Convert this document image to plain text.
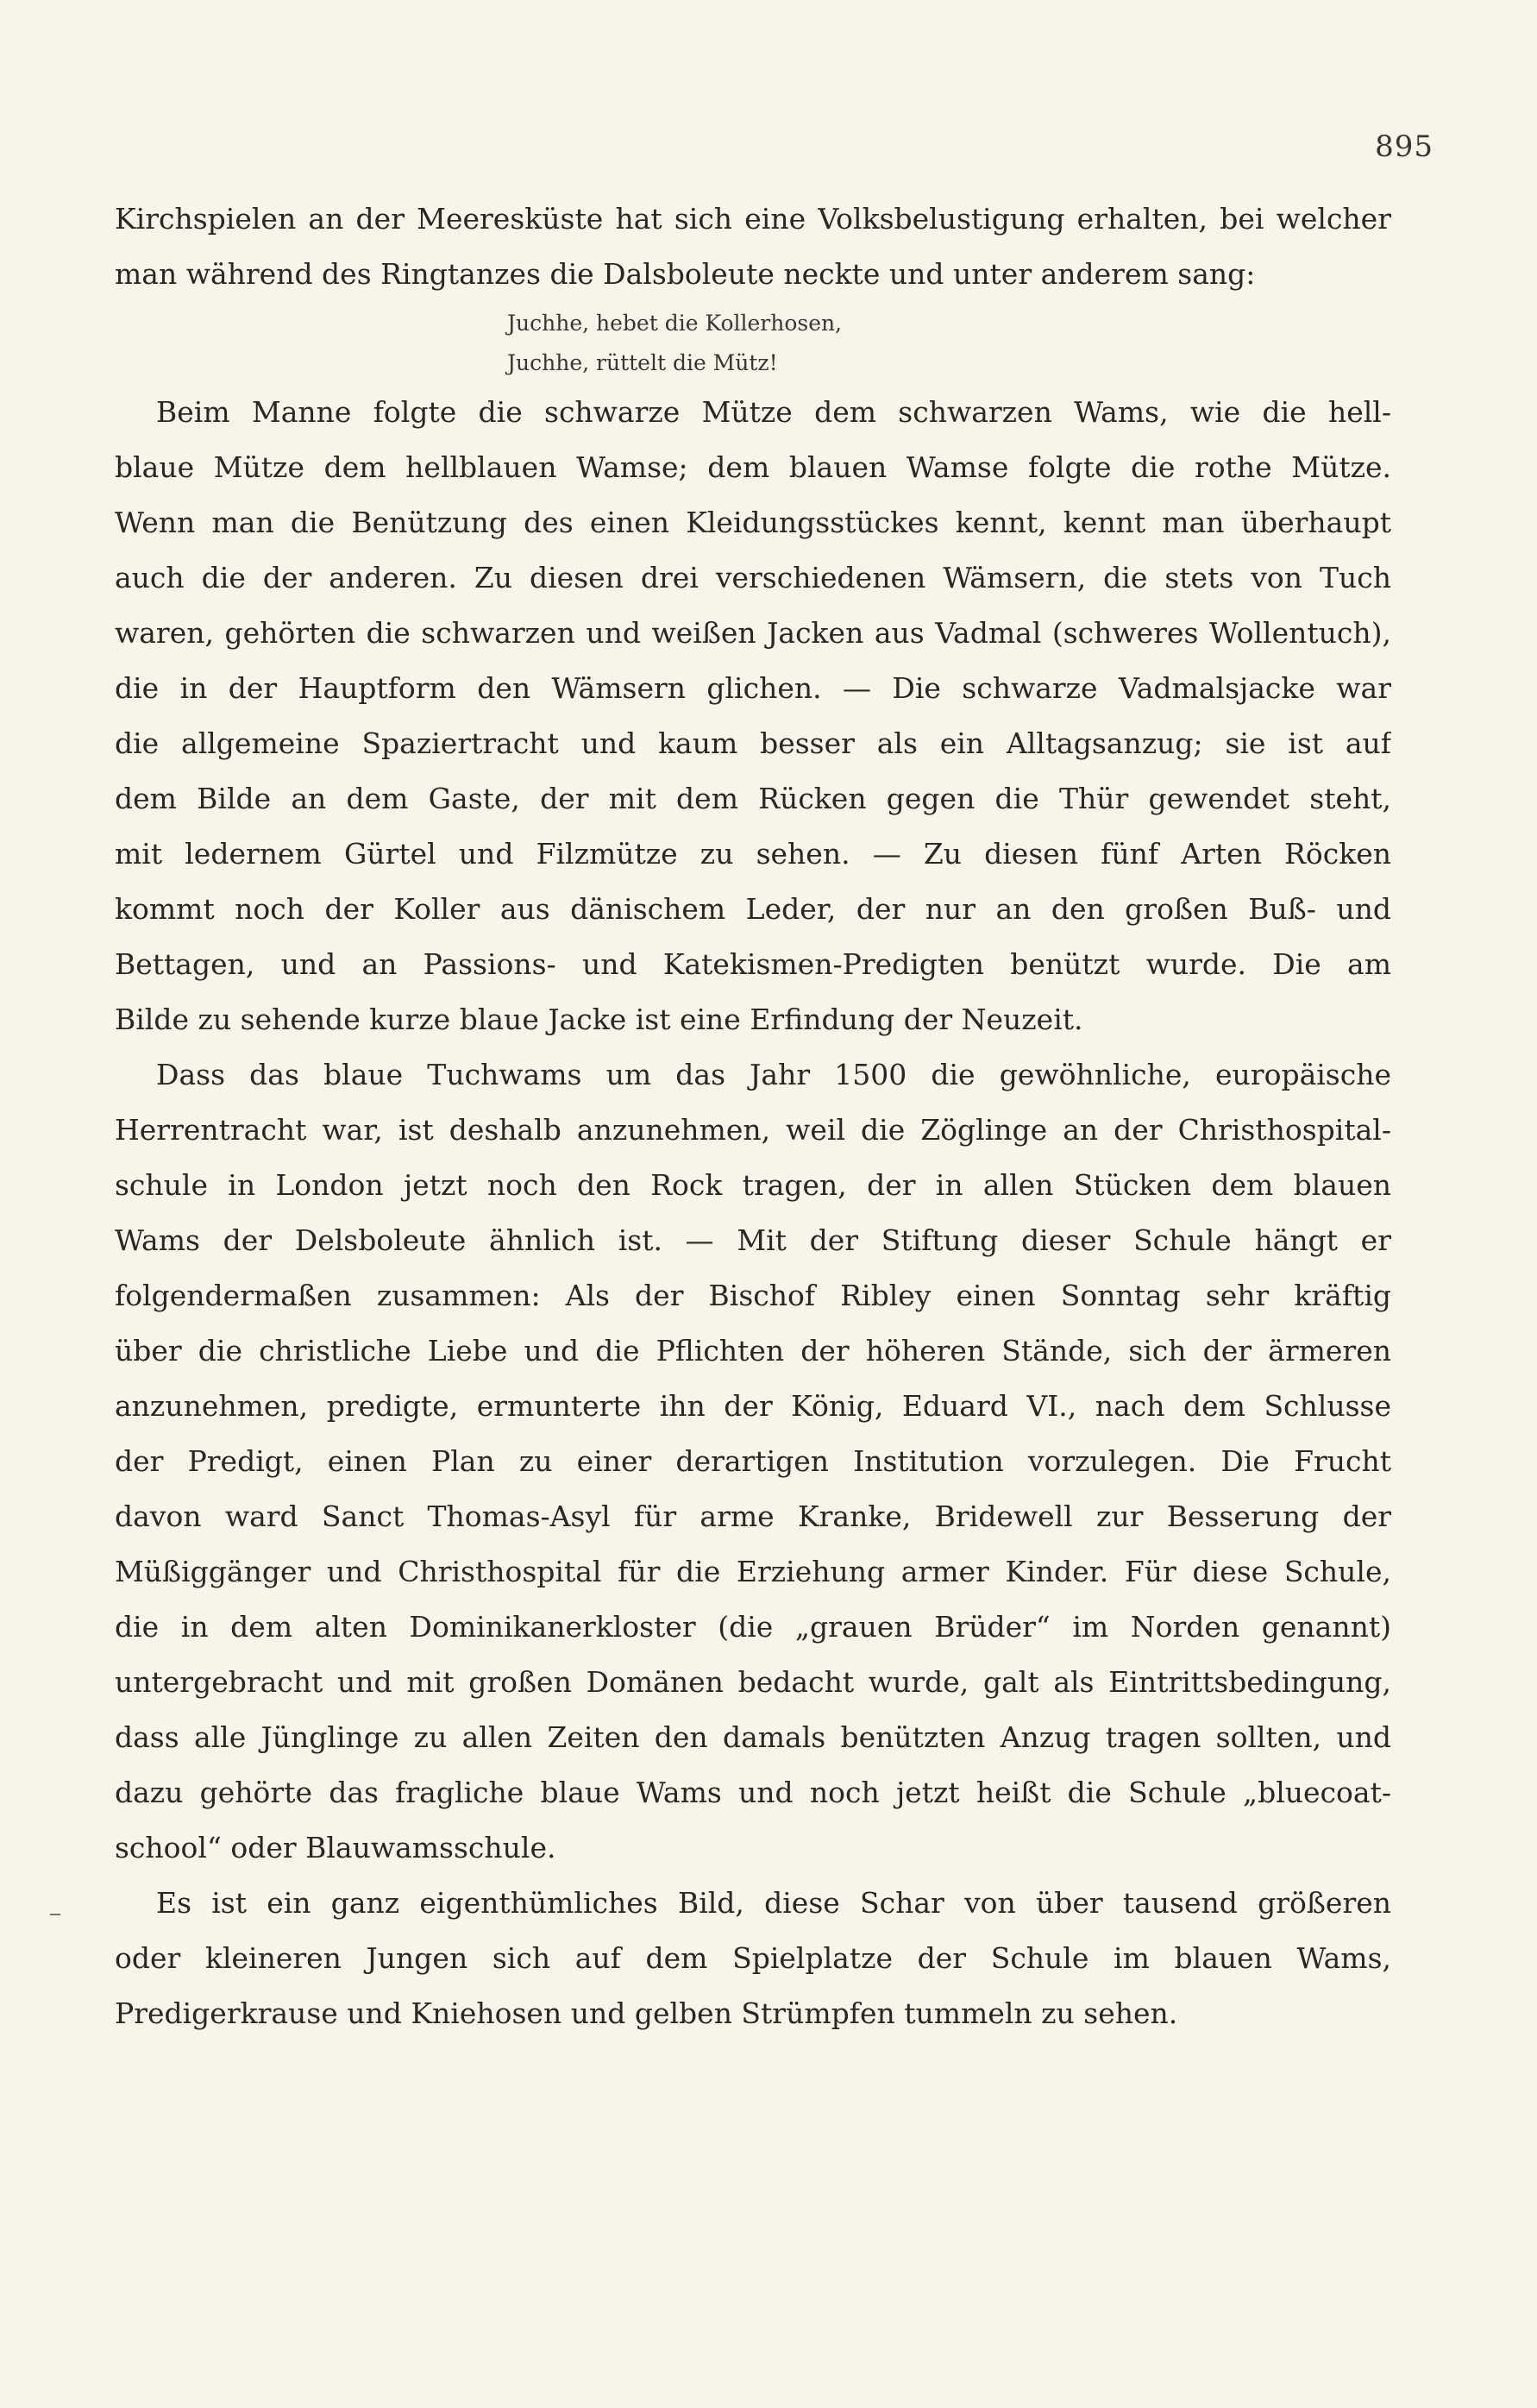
895
Kirchspielen an der Meeresküste hat sich eine Volksbelustigung erhalten, bei welcher
man während des Ringtanzes die Dalsboleute neckte und unter anderem sang:
Juchhe, hebet die Kollerhosen,
Juchhe, rüttelt die Mütz!
Beim Manne folgte die schwarze Mütze dem schwarzen Wams, wie die hell-
blaue Mütze dem hellblauen Wamse; dem blauen Wamse folgte die rothe Mütze.
Wenn man die Benützung des einen Kleidungsstückes kennt, kennt man überhaupt
auch die der anderen. Zu diesen drei verschiedenen Wämsern, die stets von Tuch
waren, gehörten die schwarzen und weißen Jacken aus Vadmal (schweres Wollentuch),
die in der Hauptform den Wämsern glichen. — Die schwarze Vadmalsjacke war
die allgemeine Spaziertracht und kaum besser als ein Alltagsanzug; sie ist auf
dem Bilde an dem Gaste, der mit dem Rücken gegen die Thür gewendet steht,
mit ledernem Gürtel und Filzmütze zu sehen. — Zu diesen fünf Arten Röcken
kommt noch der Koller aus dänischem Leder, der nur an den großen Buß- und
Bettagen, und an Passions- und Katekismen-Predigten benützt wurde. Die am
Bilde zu sehende kurze blaue Jacke ist eine Erfindung der Neuzeit.
Dass das blaue Tuchwams um das Jahr 1500 die gewöhnliche, europäische
Herrentracht war, ist deshalb anzunehmen, weil die Zöglinge an der Christhospital-
schule in London jetzt noch den Rock tragen, der in allen Stücken dem blauen
Wams der Delsboleute ähnlich ist. — Mit der Stiftung dieser Schule hängt er
folgendermaßen zusammen: Als der Bischof Ribley einen Sonntag sehr kräftig
über die christliche Liebe und die Pflichten der höheren Stände, sich der ärmeren
anzunehmen, predigte, ermunterte ihn der König, Eduard VI., nach dem Schlusse
der Predigt, einen Plan zu einer derartigen Institution vorzulegen. Die Frucht
davon ward Sanct Thomas-Asyl für arme Kranke, Bridewell zur Besserung der
Müßiggänger und Christhospital für die Erziehung armer Kinder. Für diese Schule,
die in dem alten Dominikanerkloster (die „grauen Brüder“ im Norden genannt)
untergebracht und mit großen Domänen bedacht wurde, galt als Eintrittsbedingung,
dass alle Jünglinge zu allen Zeiten den damals benützten Anzug tragen sollten, und
dazu gehörte das fragliche blaue Wams und noch jetzt heißt die Schule „bluecoat-
school“ oder Blauwamsschule.
Es ist ein ganz eigenthümliches Bild, diese Schar von über tausend größeren
oder kleineren Jungen sich auf dem Spielplatze der Schule im blauen Wams,
Predigerkrause und Kniehosen und gelben Strümpfen tummeln zu sehen.
